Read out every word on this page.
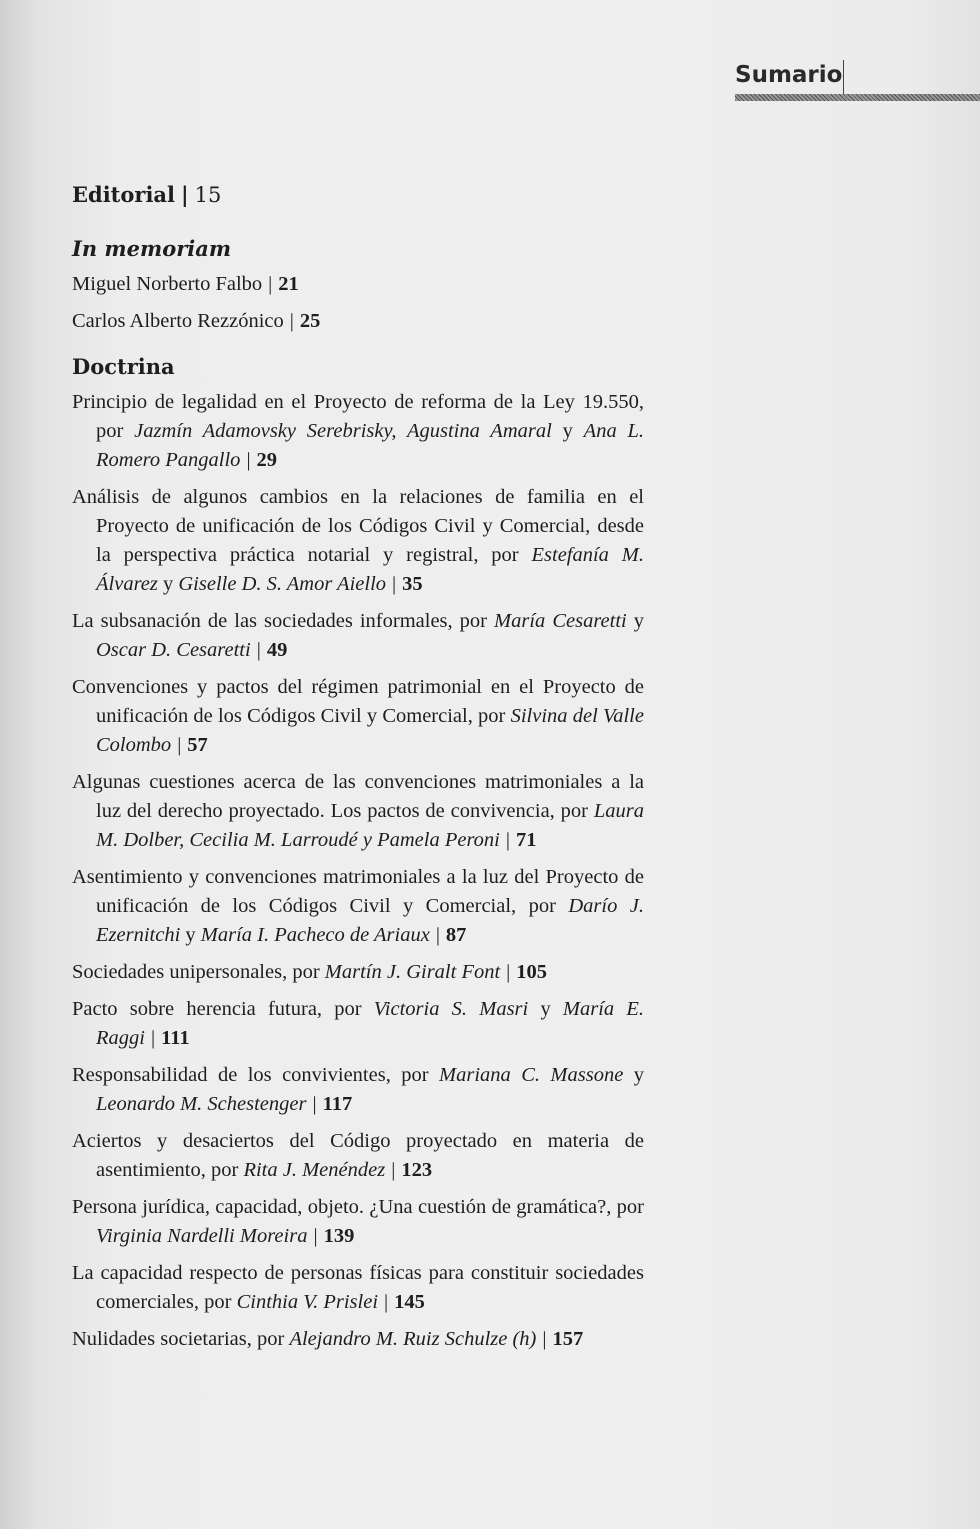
Sumario

Editorial | 15

In memoriam

Miguel Norberto Falbo | 21

Carlos Alberto Rezzónico | 25

Doctrina

Principio de legalidad en el Proyecto de reforma de la Ley 19.550, por Jazmín Adamovsky Serebrisky, Agustina Amaral y Ana L. Romero Pangallo | 29

Análisis de algunos cambios en la relaciones de familia en el Proyecto de unificación de los Códigos Civil y Comercial, desde la perspectiva práctica notarial y registral, por Estefanía M. Álvarez y Giselle D. S. Amor Aiello | 35

La subsanación de las sociedades informales, por María Cesaretti y Oscar D. Cesaretti | 49

Convenciones y pactos del régimen patrimonial en el Proyecto de unificación de los Códigos Civil y Comercial, por Silvina del Valle Colombo | 57

Algunas cuestiones acerca de las convenciones matrimoniales a la luz del derecho proyectado. Los pactos de convivencia, por Laura M. Dolber, Cecilia M. Larroudé y Pamela Peroni | 71

Asentimiento y convenciones matrimoniales a la luz del Proyecto de unificación de los Códigos Civil y Comercial, por Darío J. Ezernitchi y María I. Pacheco de Ariaux | 87

Sociedades unipersonales, por Martín J. Giralt Font | 105

Pacto sobre herencia futura, por Victoria S. Masri y María E. Raggi | 111

Responsabilidad de los convivientes, por Mariana C. Massone y Leonardo M. Schestenger | 117

Aciertos y desaciertos del Código proyectado en materia de asentimiento, por Rita J. Menéndez | 123

Persona jurídica, capacidad, objeto. ¿Una cuestión de gramática?, por Virginia Nardelli Moreira | 139

La capacidad respecto de personas físicas para constituir sociedades comerciales, por Cinthia V. Prislei | 145

Nulidades societarias, por Alejandro M. Ruiz Schulze (h) | 157
